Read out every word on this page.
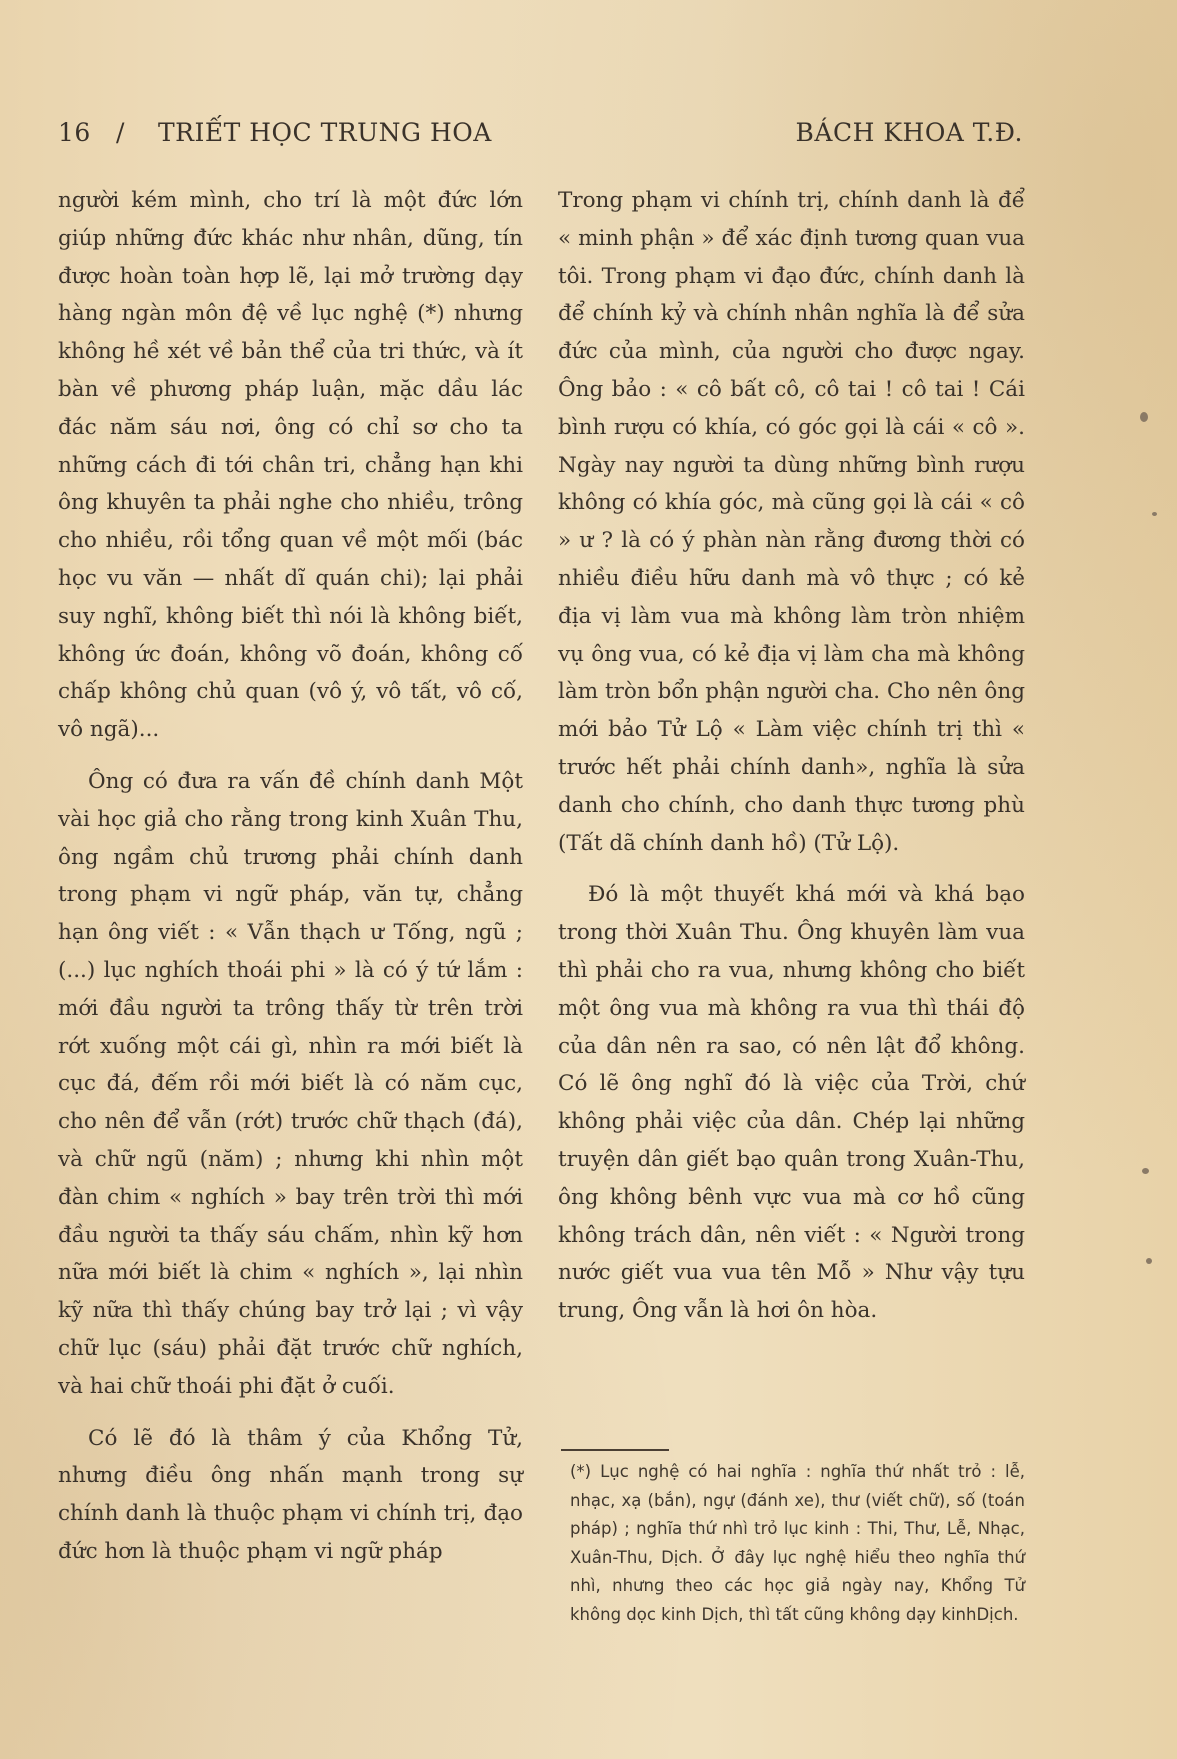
16 / TRIẾT HỌC TRUNG HOA	BÁCH KHOA T.Đ.

người kém mình, cho trí là một đức lớn giúp những đức khác như nhân, dũng, tín được hoàn toàn hợp lẽ, lại mở trường dạy hàng ngàn môn đệ về lục nghệ (*) nhưng không hề xét về bản thể của tri thức, và ít bàn về phương pháp luận, mặc dầu lác đác năm sáu nơi, ông có chỉ sơ cho ta những cách đi tới chân tri, chẳng hạn khi ông khuyên ta phải nghe cho nhiều, trông cho nhiều, rồi tổng quan về một mối (bác học vu văn — nhất dĩ quán chi); lại phải suy nghĩ, không biết thì nói là không biết, không ức đoán, không võ đoán, không cố chấp không chủ quan (vô ý, vô tất, vô cố, vô ngã)...

Ông có đưa ra vấn đề chính danh Một vài học giả cho rằng trong kinh Xuân Thu, ông ngầm chủ trương phải chính danh trong phạm vi ngữ pháp, văn tự, chẳng hạn ông viết : « Vẫn thạch ư Tống, ngũ ; (...) lục nghích thoái phi » là có ý tứ lắm : mới đầu người ta trông thấy từ trên trời rớt xuống một cái gì, nhìn ra mới biết là cục đá, đếm rồi mới biết là có năm cục, cho nên để vẫn (rớt) trước chữ thạch (đá), và chữ ngũ (năm) ; nhưng khi nhìn một đàn chim « nghích » bay trên trời thì mới đầu người ta thấy sáu chấm, nhìn kỹ hơn nữa mới biết là chim « nghích », lại nhìn kỹ nữa thì thấy chúng bay trở lại ; vì vậy chữ lục (sáu) phải đặt trước chữ nghích, và hai chữ thoái phi đặt ở cuối.

Có lẽ đó là thâm ý của Khổng Tử, nhưng điều ông nhấn mạnh trong sự chính danh là thuộc phạm vi chính trị, đạo đức hơn là thuộc phạm vi ngữ pháp

Trong phạm vi chính trị, chính danh là để « minh phận » để xác định tương quan vua tôi. Trong phạm vi đạo đức, chính danh là để chính kỷ và chính nhân nghĩa là để sửa đức của mình, của người cho được ngay. Ông bảo : « cô bất cô, cô tai ! cô tai ! Cái bình rượu có khía, có góc gọi là cái « cô ». Ngày nay người ta dùng những bình rượu không có khía góc, mà cũng gọi là cái « cô » ư ? là có ý phàn nàn rằng đương thời có nhiều điều hữu danh mà vô thực ; có kẻ địa vị làm vua mà không làm tròn nhiệm vụ ông vua, có kẻ địa vị làm cha mà không làm tròn bổn phận người cha. Cho nên ông mới bảo Tử Lộ « Làm việc chính trị thì « trước hết phải chính danh», nghĩa là sửa danh cho chính, cho danh thực tương phù (Tất dã chính danh hồ) (Tử Lộ).

Đó là một thuyết khá mới và khá bạo trong thời Xuân Thu. Ông khuyên làm vua thì phải cho ra vua, nhưng không cho biết một ông vua mà không ra vua thì thái độ của dân nên ra sao, có nên lật đổ không. Có lẽ ông nghĩ đó là việc của Trời, chứ không phải việc của dân. Chép lại những truyện dân giết bạo quân trong Xuân-Thu, ông không bênh vực vua mà cơ hồ cũng không trách dân, nên viết : « Người trong nước giết vua vua tên Mỗ » Như vậy tựu trung, Ông vẫn là hơi ôn hòa.

(*) Lục nghệ có hai nghĩa : nghĩa thứ nhất trỏ : lễ, nhạc, xạ (bắn), ngự (đánh xe), thư (viết chữ), số (toán pháp) ; nghĩa thứ nhì trỏ lục kinh : Thi, Thư, Lễ, Nhạc, Xuân-Thu, Dịch. Ở đây lục nghệ hiểu theo nghĩa thứ nhì, nhưng theo các học giả ngày nay, Khổng Tử không dọc kinh Dịch, thì tất cũng không dạy kinhDịch.
